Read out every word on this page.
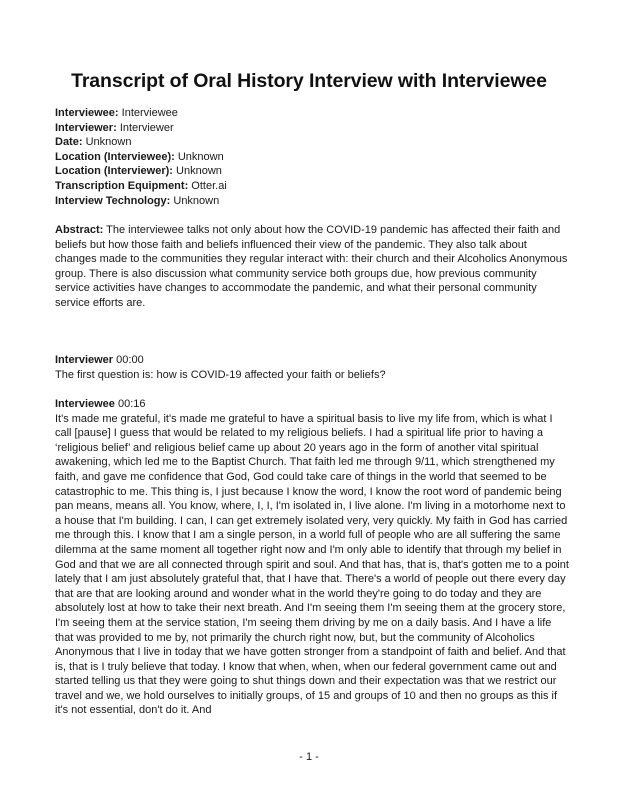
Transcript of Oral History Interview with Interviewee
Interviewee: Interviewee
Interviewer: Interviewer
Date: Unknown
Location (Interviewee): Unknown
Location (Interviewer): Unknown
Transcription Equipment: Otter.ai
Interview Technology: Unknown

Abstract: The interviewee talks not only about how the COVID-19 pandemic has affected their faith and beliefs but how those faith and beliefs influenced their view of the pandemic. They also talk about changes made to the communities they regular interact with: their church and their Alcoholics Anonymous group. There is also discussion what community service both groups due, how previous community service activities have changes to accommodate the pandemic, and what their personal community service efforts are.

Interviewer 00:00

The first question is: how is COVID-19 affected your faith or beliefs?

Interviewee 00:16

It's made me grateful, it's made me grateful to have a spiritual basis to live my life from, which is what I call [pause] I guess that would be related to my religious beliefs. I had a spiritual life prior to having a ‘religious belief’ and religious belief came up about 20 years ago in the form of another vital spiritual awakening, which led me to the Baptist Church. That faith led me through 9/11, which strengthened my faith, and gave me confidence that God, God could take care of things in the world that seemed to be catastrophic to me. This thing is, I just because I know the word, I know the root word of pandemic being pan means, means all. You know, where, I, I, I'm isolated in, I live alone. I'm living in a motorhome next to a house that I'm building. I can, I can get extremely isolated very, very quickly. My faith in God has carried me through this. I know that I am a single person, in a world full of people who are all suffering the same dilemma at the same moment all together right now and I'm only able to identify that through my belief in God and that we are all connected through spirit and soul. And that has, that is, that's gotten me to a point lately that I am just absolutely grateful that, that I have that. There's a world of people out there every day that are that are looking around and wonder what in the world they're going to do today and they are absolutely lost at how to take their next breath. And I'm seeing them I'm seeing them at the grocery store, I'm seeing them at the service station, I'm seeing them driving by me on a daily basis. And I have a life that was provided to me by, not primarily the church right now, but, but the community of Alcoholics Anonymous that I live in today that we have gotten stronger from a standpoint of faith and belief. And that is, that is I truly believe that today. I know that when, when, when our federal government came out and started telling us that they were going to shut things down and their expectation was that we restrict our travel and we, we hold ourselves to initially groups, of 15 and groups of 10 and then no groups as this if it's not essential, don't do it. And

- 1 -
